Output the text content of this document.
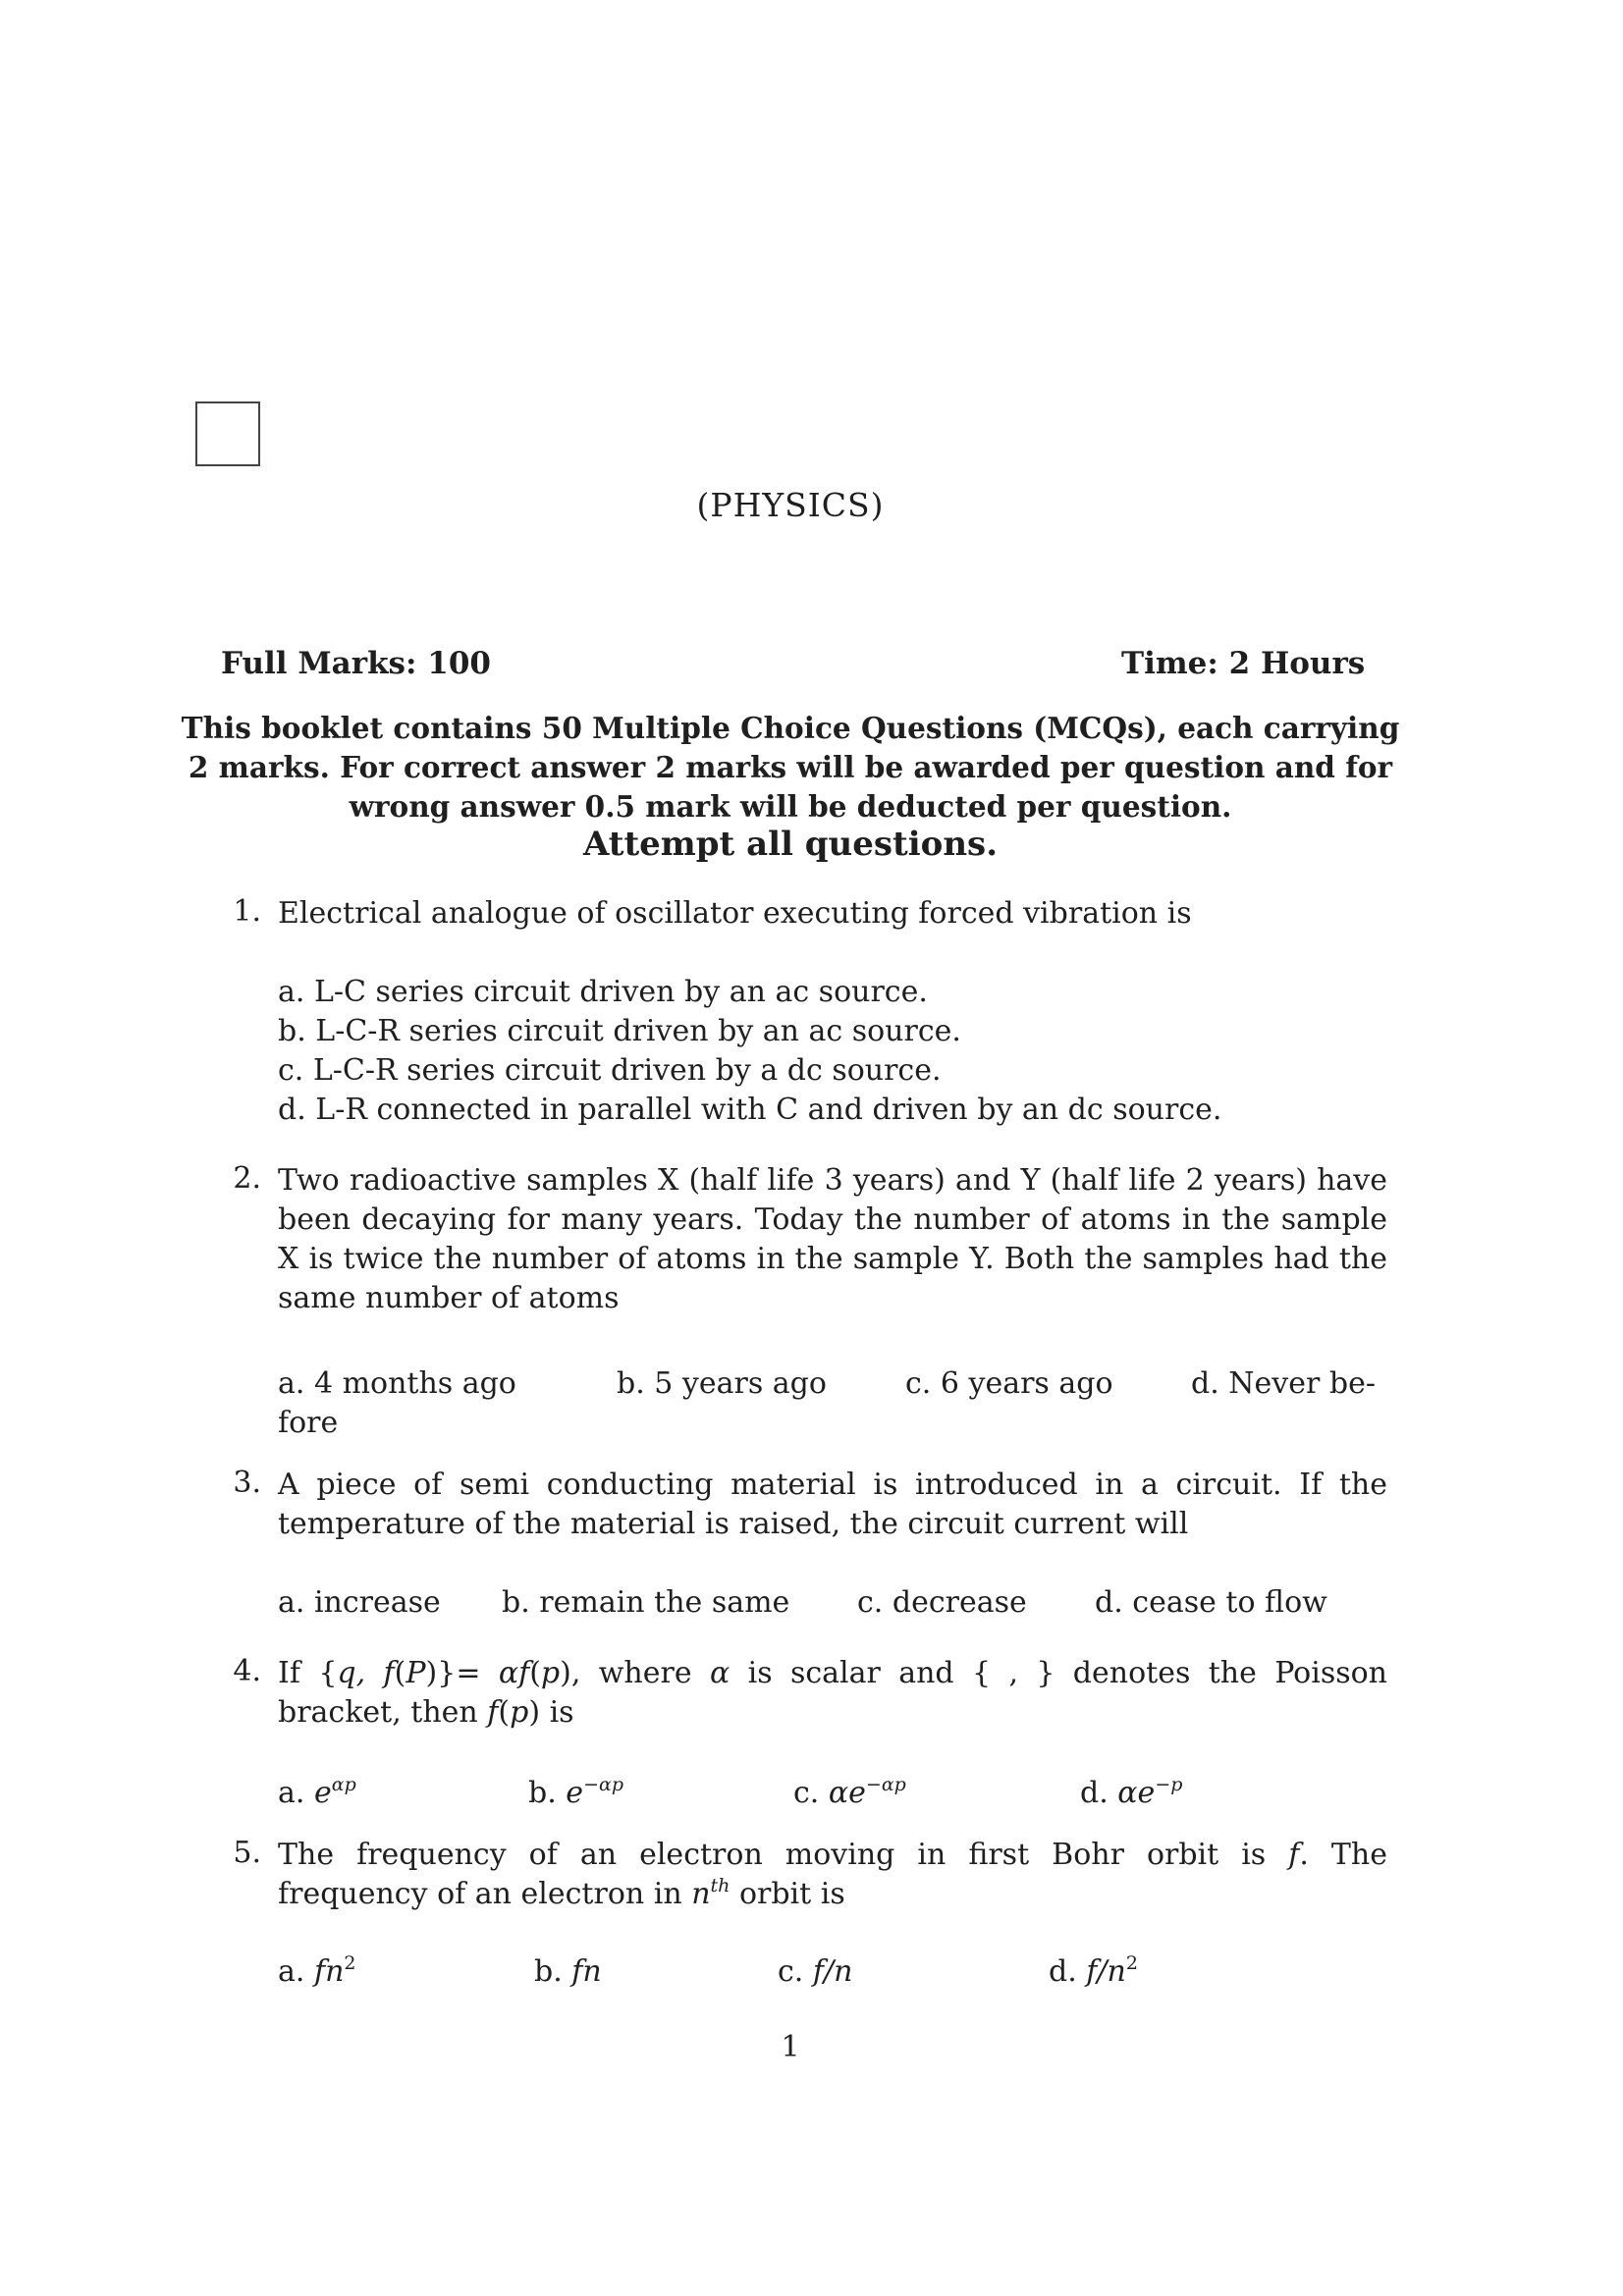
(PHYSICS)
Full Marks: 100	Time: 2 Hours
This booklet contains 50 Multiple Choice Questions (MCQs), each carrying 2 marks. For correct answer 2 marks will be awarded per question and for wrong answer 0.5 mark will be deducted per question.
Attempt all questions.
1. Electrical analogue of oscillator executing forced vibration is
a. L-C series circuit driven by an ac source.
b. L-C-R series circuit driven by an ac source.
c. L-C-R series circuit driven by a dc source.
d. L-R connected in parallel with C and driven by an dc source.
2. Two radioactive samples X (half life 3 years) and Y (half life 2 years) have been decaying for many years. Today the number of atoms in the sample X is twice the number of atoms in the sample Y. Both the samples had the same number of atoms
a. 4 months ago	b. 5 years ago	c. 6 years ago	d. Never be-
fore
3. A piece of semi conducting material is introduced in a circuit. If the temperature of the material is raised, the circuit current will
a. increase b. remain the same c. decrease d. cease to flow
4. If {q, f(P)}= αf(p), where α is scalar and { , } denotes the Poisson bracket, then f(p) is
a. $e^{\alpha p}$	b. $e^{-\alpha p}$	c. $\alpha e^{-\alpha p}$	d. $\alpha e^{-p}$
5. The frequency of an electron moving in first Bohr orbit is f. The frequency of an electron in $n^{th}$ orbit is
a. $fn^2$	b. fn	c. f/n	d. $f/n^2$
1
